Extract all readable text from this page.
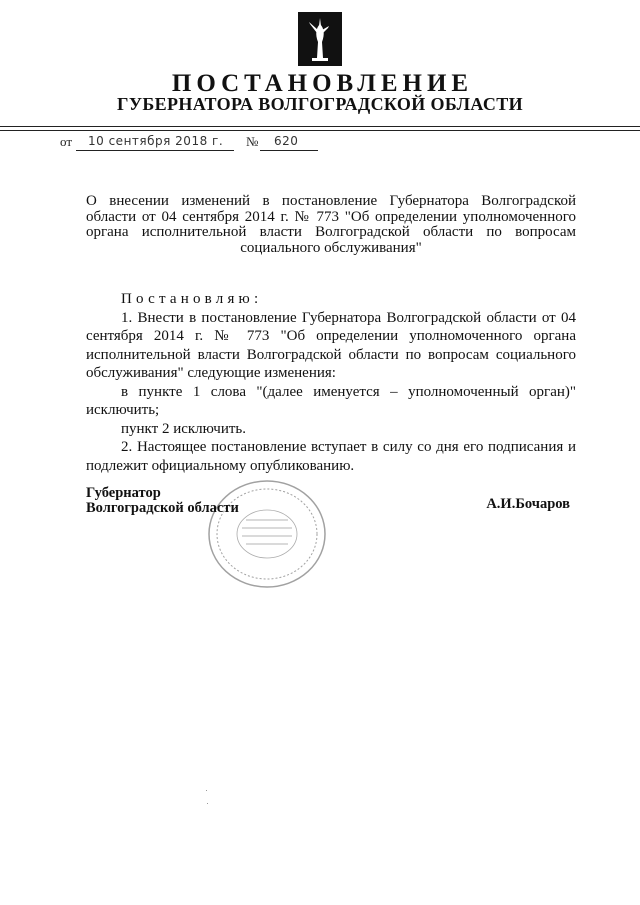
ПОСТАНОВЛЕНИЕ
ГУБЕРНАТОРА ВОЛГОГРАДСКОЙ ОБЛАСТИ
от 10 сентября 2018 г. № 620
О внесении изменений в постановление Губернатора Волгоградской
области от 04 сентября 2014 г. № 773 "Об определении уполномоченного
органа исполнительной власти Волгоградской области по вопросам
социального обслуживания"

Постановляю:

1. Внести в постановление Губернатора Волгоградской области от 04 сентября 2014 г. № 773 "Об определении уполномоченного органа исполнительной власти Волгоградской области по вопросам социального обслуживания" следующие изменения:

в пункте 1 слова "(далее именуется – уполномоченный орган)" исключить;

пункт 2 исключить.

2. Настоящее постановление вступает в силу со дня его подписания и подлежит официальному опубликованию.

Губернатор
Волгоградской области	А.И.Бочаров
